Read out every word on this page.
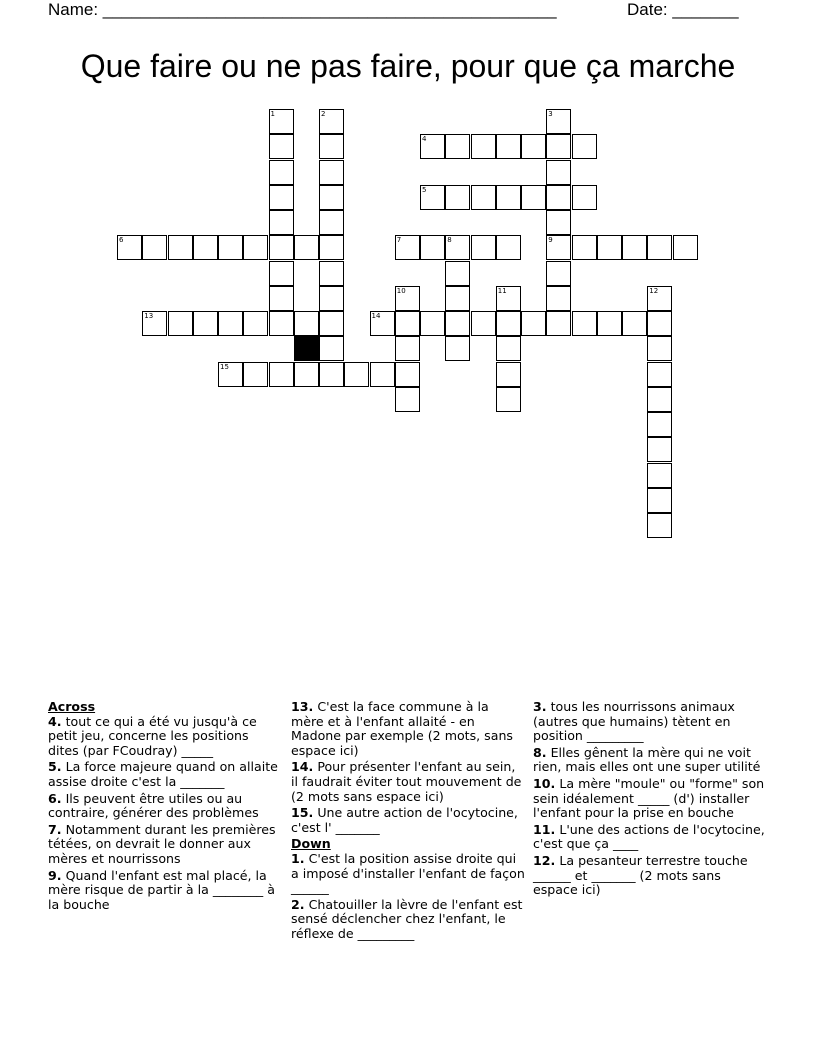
Name: ________________________________________________	Date: _______
Que faire ou ne pas faire, pour que ça marche
1	2	3
9
4
5
6	7	8
10	11	12
13	14
15
Across
4. tout ce qui a été vu jusqu'à ce petit jeu, concerne les positions dites (par FCoudray) _____
5. La force majeure quand on allaite assise droite c'est la _______
6. Ils peuvent être utiles ou au contraire, générer des problèmes
7. Notamment durant les premières tétées, on devrait le donner aux mères et nourrissons
9. Quand l'enfant est mal placé, la mère risque de partir à la ________ à la bouche
13. C'est la face commune à la mère et à l'enfant allaité - en Madone par exemple (2 mots, sans espace ici)
14. Pour présenter l'enfant au sein, il faudrait éviter tout mouvement de (2 mots sans espace ici)
15. Une autre action de l'ocytocine, c'est l' _______
Down
1. C'est la position assise droite qui a imposé d'installer l'enfant de façon ______
2. Chatouiller la lèvre de l'enfant est sensé déclencher chez l'enfant, le réflexe de _________
3. tous les nourrissons animaux (autres que humains) tètent en position _________
8. Elles gênent la mère qui ne voit rien, mais elles ont une super utilité
10. La mère "moule" ou "forme" son sein idéalement _____ (d') installer l'enfant pour la prise en bouche
11. L'une des actions de l'ocytocine, c'est que ça ____
12. La pesanteur terrestre touche ______ et _______ (2 mots sans espace ici)
